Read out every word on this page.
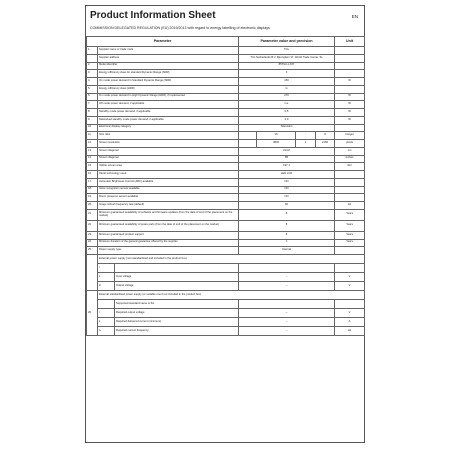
Product Information Sheet	EN
COMMISSION DELEGATED REGULATION (EU) 2019/2013 with regard to energy labelling of electronic displays
Parameter			Parameter value and precision				Unit
1.	Supplier name or trade mark		TCL				
	Supplier address		TCL Netherlands B.V. Beursplein 37, World Trade Center, 5e				
2.	Model identifier		85TGC-LX67				
3.	Energy efficiency class for standard Dynamic Range (SDR)		F				
4.	On mode power demand in Standard Dynamic Range (SDR)		150				W
5.	Energy efficiency class (HDR)		G				
6.	On mode power demand in High Dynamic Range (HDR), if implemented		270				W
7.	Off mode power demand, if applicable		n.a.				W
8.	Standby mode power demand, if applicable		0,5				W
9.	Networked standby mode power demand, if applicable		2,0				W
10.	Electronic display category		Television				
11.	Size ratio			16	:	9	Integer
12.	Screen resolution			3840	x	2160	pixels
13.	Screen diagonal		214,8				cm
14.	Screen diagonal		85				Inches
15.	Visible screen area		197,1				dm²
16.	Panel technology used		LED LCD				
17.	Automatic Brightness Control (ABC) available		NO				
18.	Voice recognition sensor available		NO				
19.	Room presence sensor available		NO				
20.	Image refresh frequency rate (default)		60				Hz
21.	Minimum guaranteed availability of software and firmware updates (from the date of end of the placement on the market)		8				Years
22.	Minimum guaranteed availability of spare parts (from the date of end of the placement on the market)		8				Years
23.	Minimum guaranteed product support		8				Years
24.	Minimum duration of the general guarantee offered by the supplier		1				Years
25.	Power supply type:		Internal				
	External power supply (non-standardised and included in the product box)						
	i						
	ii	Input voltage	--				V
	iii	Output voltage	--				V
26.	External standardised power supply (or suitable one if not included in the product box)						
		Supported standard name or list					
	i	Required output voltage	--				V
	ii	Required delivered current (minimum)	--				A
	iv	Required current frequency	--				Hz
